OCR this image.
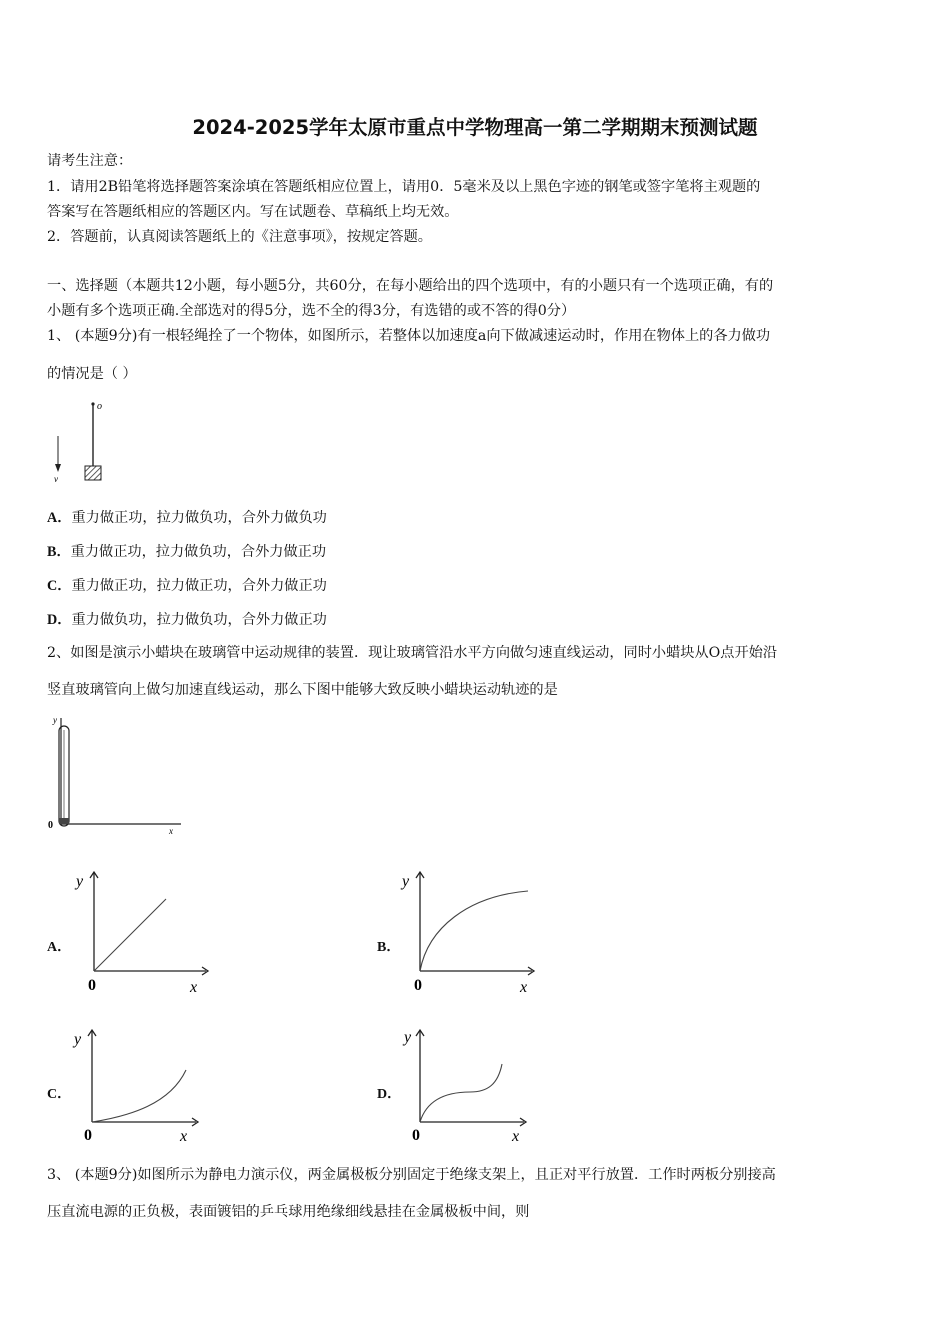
2024-2025学年太原市重点中学物理高一第二学期期末预测试题
请考生注意：
1．请用2B铅笔将选择题答案涂填在答题纸相应位置上，请用0．5毫米及以上黑色字迹的钢笔或签字笔将主观题的
答案写在答题纸相应的答题区内。写在试题卷、草稿纸上均无效。
2．答题前，认真阅读答题纸上的《注意事项》，按规定答题。
一、选择题（本题共12小题，每小题5分，共60分，在每小题给出的四个选项中，有的小题只有一个选项正确，有的
小题有多个选项正确.全部选对的得5分，选不全的得3分，有选错的或不答的得0分）
1、 (本题9分)有一根轻绳拴了一个物体，如图所示，若整体以加速度a向下做减速运动时，作用在物体上的各力做功
的情况是（ ）
o
v
A．重力做正功，拉力做负功，合外力做负功
B．重力做正功，拉力做负功，合外力做正功
C．重力做正功，拉力做正功，合外力做正功
D．重力做负功，拉力做负功，合外力做正功
2、如图是演示小蜡块在玻璃管中运动规律的装置．现让玻璃管沿水平方向做匀速直线运动，同时小蜡块从O点开始沿
竖直玻璃管向上做匀加速直线运动，那么下图中能够大致反映小蜡块运动轨迹的是
y
x
0
A．
y
0	x
B．
y
0	x
C．
y
0	x
D．
y
0	x
3、 (本题9分)如图所示为静电力演示仪，两金属极板分别固定于绝缘支架上，且正对平行放置．工作时两板分别接高
压直流电源的正负极，表面镀铝的乒乓球用绝缘细线悬挂在金属极板中间，则
